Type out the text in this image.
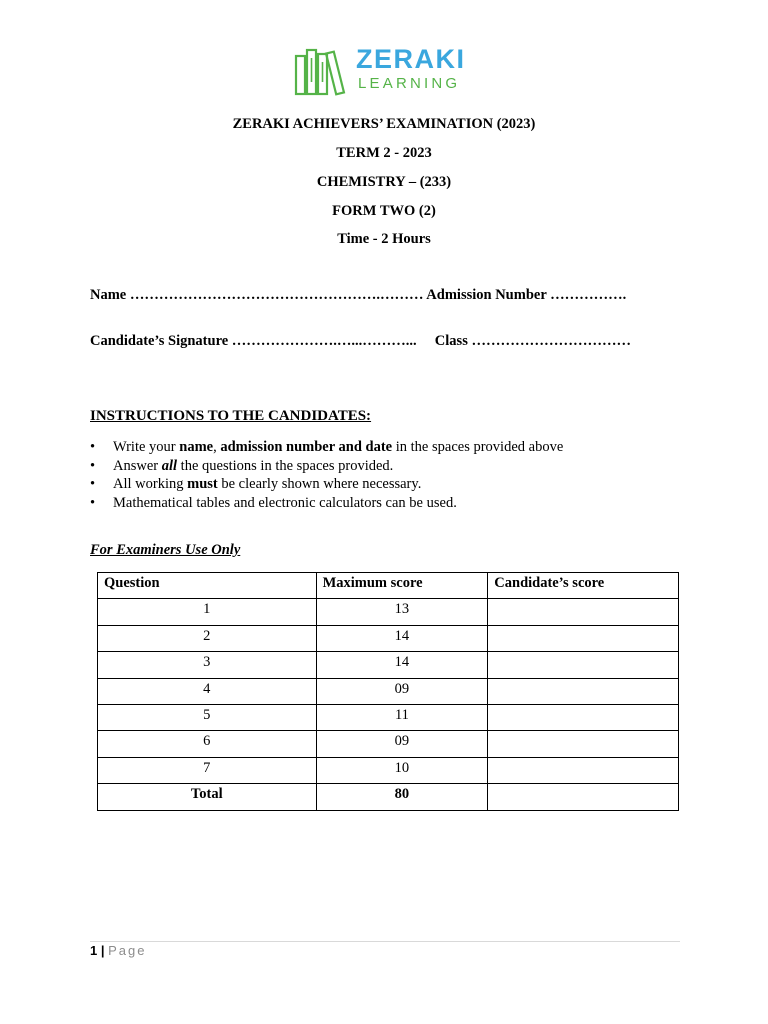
ZERAKI
LEARNING
ZERAKI ACHIEVERS’ EXAMINATION (2023)
TERM 2 - 2023
CHEMISTRY – (233)
FORM TWO (2)
Time - 2 Hours
Name …………………………………………….……… Admission Number …………….
Candidate’s Signature ………………….…...………...     Class ……………………………
INSTRUCTIONS TO THE CANDIDATES:
• Write your name, admission number and date in the spaces provided above
• Answer all the questions in the spaces provided.
• All working must be clearly shown where necessary.
• Mathematical tables and electronic calculators can be used.
For Examiners Use Only
Question	Maximum score	Candidate’s score
1	13	
2	14	
3	14	
4	09	
5	11	
6	09	
7	10	
Total	80	
1 | Page
